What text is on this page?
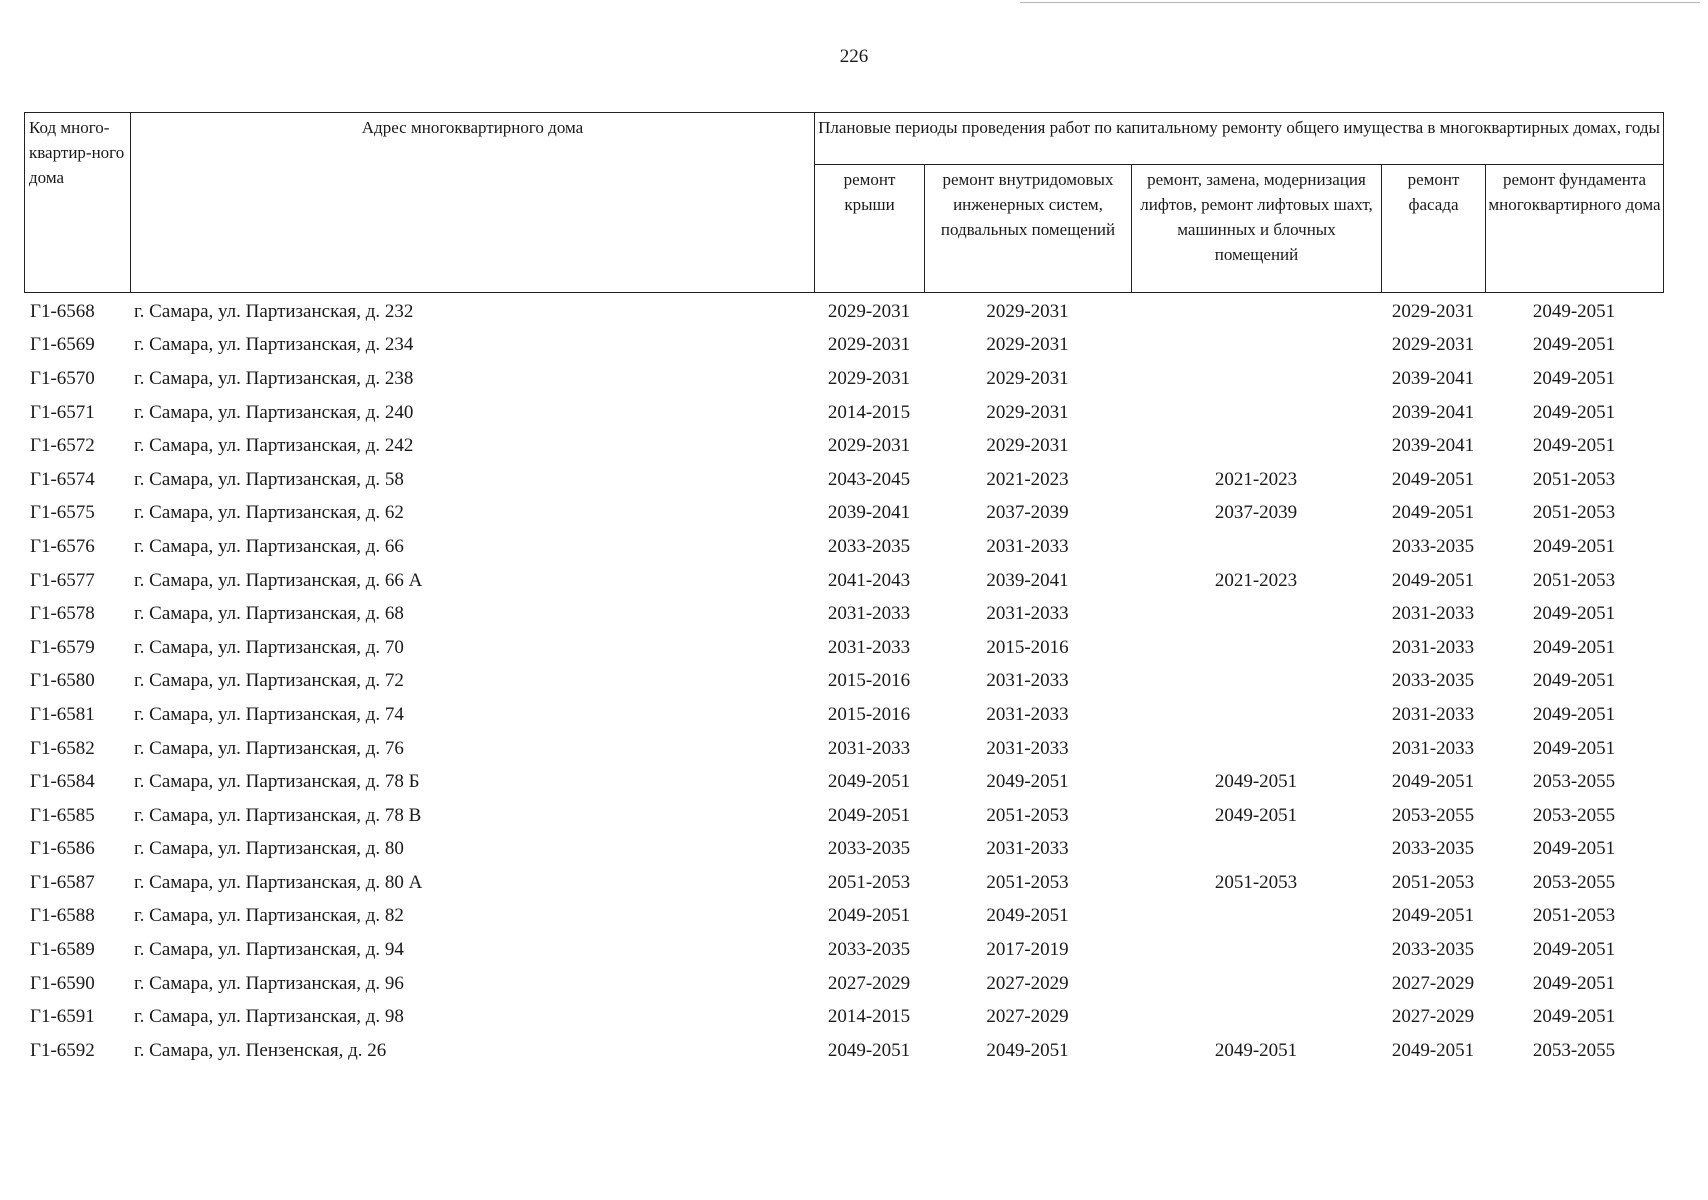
226
Код много-квартир-ного дома	Адрес многоквартирного дома	Плановые периоды проведения работ по капитальному ремонту общего имущества в многоквартирных домах, годы				
		ремонт крыши	ремонт внутридомовых инженерных систем, подвальных помещений	ремонт, замена, модернизация лифтов, ремонт лифтовых шахт, машинных и блочных помещений	ремонт фасада	ремонт фундамента многоквартирного дома
Г1-6568	г. Самара, ул. Партизанская, д. 232	2029-2031	2029-2031		2029-2031	2049-2051
Г1-6569	г. Самара, ул. Партизанская, д. 234	2029-2031	2029-2031		2029-2031	2049-2051
Г1-6570	г. Самара, ул. Партизанская, д. 238	2029-2031	2029-2031		2039-2041	2049-2051
Г1-6571	г. Самара, ул. Партизанская, д. 240	2014-2015	2029-2031		2039-2041	2049-2051
Г1-6572	г. Самара, ул. Партизанская, д. 242	2029-2031	2029-2031		2039-2041	2049-2051
Г1-6574	г. Самара, ул. Партизанская, д. 58	2043-2045	2021-2023	2021-2023	2049-2051	2051-2053
Г1-6575	г. Самара, ул. Партизанская, д. 62	2039-2041	2037-2039	2037-2039	2049-2051	2051-2053
Г1-6576	г. Самара, ул. Партизанская, д. 66	2033-2035	2031-2033		2033-2035	2049-2051
Г1-6577	г. Самара, ул. Партизанская, д. 66 А	2041-2043	2039-2041	2021-2023	2049-2051	2051-2053
Г1-6578	г. Самара, ул. Партизанская, д. 68	2031-2033	2031-2033		2031-2033	2049-2051
Г1-6579	г. Самара, ул. Партизанская, д. 70	2031-2033	2015-2016		2031-2033	2049-2051
Г1-6580	г. Самара, ул. Партизанская, д. 72	2015-2016	2031-2033		2033-2035	2049-2051
Г1-6581	г. Самара, ул. Партизанская, д. 74	2015-2016	2031-2033		2031-2033	2049-2051
Г1-6582	г. Самара, ул. Партизанская, д. 76	2031-2033	2031-2033		2031-2033	2049-2051
Г1-6584	г. Самара, ул. Партизанская, д. 78 Б	2049-2051	2049-2051	2049-2051	2049-2051	2053-2055
Г1-6585	г. Самара, ул. Партизанская, д. 78 В	2049-2051	2051-2053	2049-2051	2053-2055	2053-2055
Г1-6586	г. Самара, ул. Партизанская, д. 80	2033-2035	2031-2033		2033-2035	2049-2051
Г1-6587	г. Самара, ул. Партизанская, д. 80 А	2051-2053	2051-2053	2051-2053	2051-2053	2053-2055
Г1-6588	г. Самара, ул. Партизанская, д. 82	2049-2051	2049-2051		2049-2051	2051-2053
Г1-6589	г. Самара, ул. Партизанская, д. 94	2033-2035	2017-2019		2033-2035	2049-2051
Г1-6590	г. Самара, ул. Партизанская, д. 96	2027-2029	2027-2029		2027-2029	2049-2051
Г1-6591	г. Самара, ул. Партизанская, д. 98	2014-2015	2027-2029		2027-2029	2049-2051
Г1-6592	г. Самара, ул. Пензенская, д. 26	2049-2051	2049-2051	2049-2051	2049-2051	2053-2055
